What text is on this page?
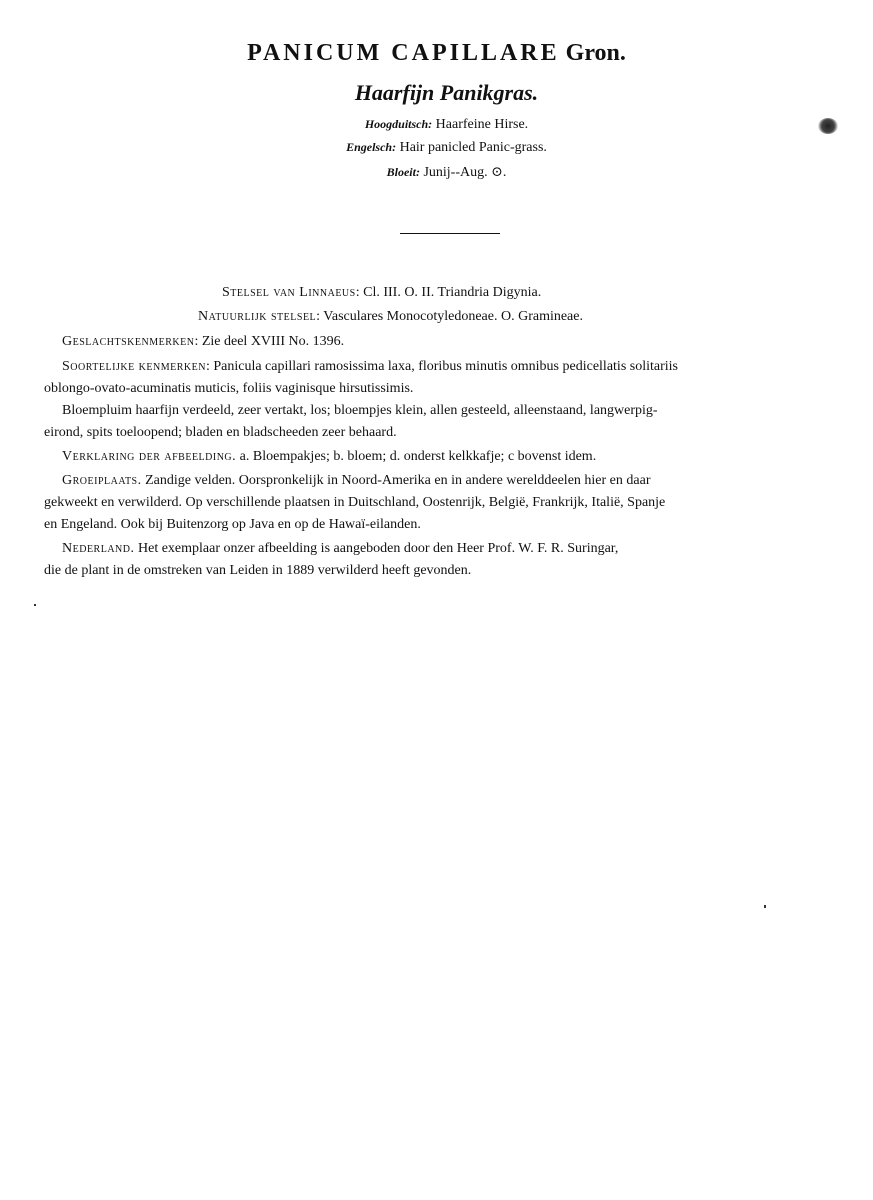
PANICUM CAPILLARE Gron.
Haarfijn Panikgras.
Hoogduitsch: Haarfeine Hirse.
Engelsch: Hair panicled Panic-grass.
Bloeit: Junij--Aug. ⊙.
Stelsel van Linnaeus: Cl. III. O. II. Triandria Digynia.
Natuurlijk stelsel: Vasculares Monocotyledoneae. O. Gramineae.
Geslachtskenmerken: Zie deel XVIII No. 1396.
Soortelijke kenmerken: Panicula capillari ramosissima laxa, floribus minutis omnibus pedicellatis solitariis
oblongo-ovato-acuminatis muticis, foliis vaginisque hirsutissimis.
Bloempluim haarfijn verdeeld, zeer vertakt, los; bloempjes klein, allen gesteeld, alleenstaand, langwerpig-
eirond, spits toeloopend; bladen en bladscheeden zeer behaard.
Verklaring der afbeelding. a. Bloempakjes; b. bloem; d. onderst kelkkafje; c bovenst idem.
Groeiplaats. Zandige velden. Oorspronkelijk in Noord-Amerika en in andere werelddeelen hier en daar
gekweekt en verwilderd. Op verschillende plaatsen in Duitschland, Oostenrijk, België, Frankrijk, Italië, Spanje
en Engeland. Ook bij Buitenzorg op Java en op de Hawaï-eilanden.
Nederland. Het exemplaar onzer afbeelding is aangeboden door den Heer Prof. W. F. R. Suringar,
die de plant in de omstreken van Leiden in 1889 verwilderd heeft gevonden.
